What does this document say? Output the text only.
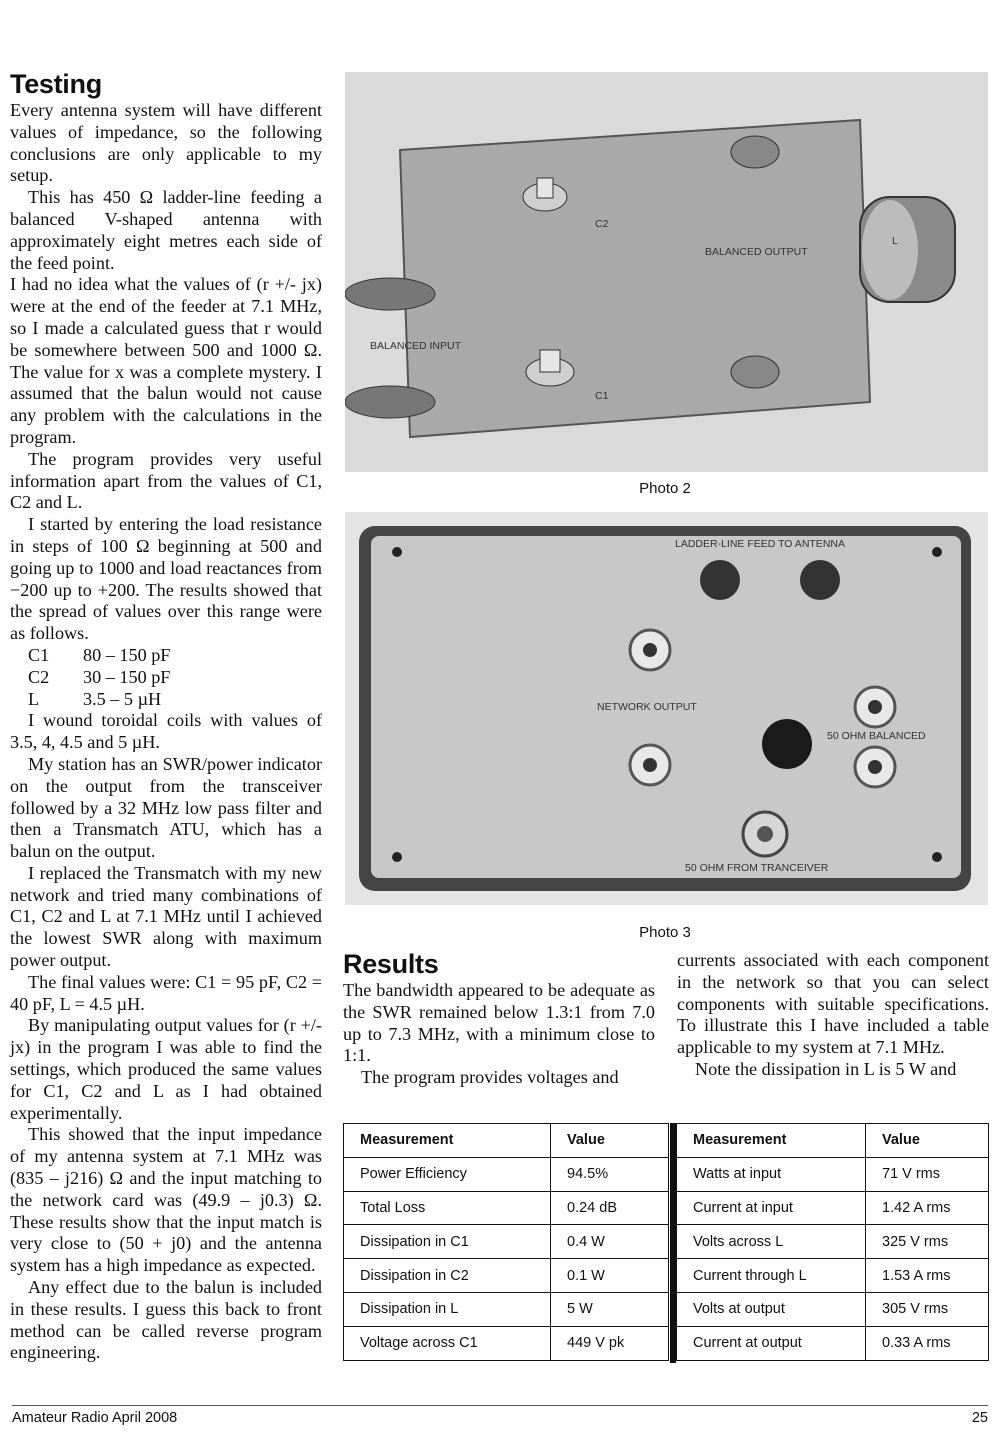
Testing

Every antenna system will have different values of impedance, so the following conclusions are only applicable to my setup.

This has 450 Ω ladder-line feeding a balanced V-shaped antenna with approximately eight metres each side of the feed point.

I had no idea what the values of (r +/- jx) were at the end of the feeder at 7.1 MHz, so I made a calculated guess that r would be somewhere between 500 and 1000 Ω. The value for x was a complete mystery. I assumed that the balun would not cause any problem with the calculations in the program.

The program provides very useful information apart from the values of C1, C2 and L.

I started by entering the load resistance in steps of 100 Ω beginning at 500 and going up to 1000 and load reactances from −200 up to +200. The results showed that the spread of values over this range were as follows.

C1	80 – 150 pF
C2	30 – 150 pF
L	3.5 – 5 µH

I wound toroidal coils with values of 3.5, 4, 4.5 and 5 µH.

My station has an SWR/power indicator on the output from the transceiver followed by a 32 MHz low pass filter and then a Transmatch ATU, which has a balun on the output.

I replaced the Transmatch with my new network and tried many combinations of C1, C2 and L at 7.1 MHz until I achieved the lowest SWR along with maximum power output.

The final values were: C1 = 95 pF, C2 = 40 pF, L = 4.5 µH.

By manipulating output values for (r +/- jx) in the program I was able to find the settings, which produced the same values for C1, C2 and L as I had obtained experimentally.

This showed that the input impedance of my antenna system at 7.1 MHz was (835 – j216) Ω and the input matching to the network card was (49.9 – j0.3) Ω. These results show that the input match is very close to (50 + j0) and the antenna system has a high impedance as expected.

Any effect due to the balun is included in these results. I guess this back to front method can be called reverse program engineering.

C2
C1
BALANCED OUTPUT
BALANCED INPUT
L
Photo 2
LADDER-LINE FEED TO ANTENNA
NETWORK OUTPUT
50 OHM BALANCED
50 OHM FROM TRANCEIVER
Photo 3
Results

The bandwidth appeared to be adequate as the SWR remained below 1.3:1 from 7.0 up to 7.3 MHz, with a minimum close to 1:1.

The program provides voltages and

currents associated with each component in the network so that you can select components with suitable specifications. To illustrate this I have included a table applicable to my system at 7.1 MHz.

Note the dissipation in L is 5 W and

Measurement	Value
Power Efficiency	94.5%
Total Loss	0.24 dB
Dissipation in C1	0.4 W
Dissipation in C2	0.1 W
Dissipation in L	5 W
Voltage across C1	449 V pk
Measurement	Value
Watts at input	71 V rms
Current at input	1.42 A rms
Volts across L	325 V rms
Current through L	1.53 A rms
Volts at output	305 V rms
Current at output	0.33 A rms
Amateur Radio April 2008	25
